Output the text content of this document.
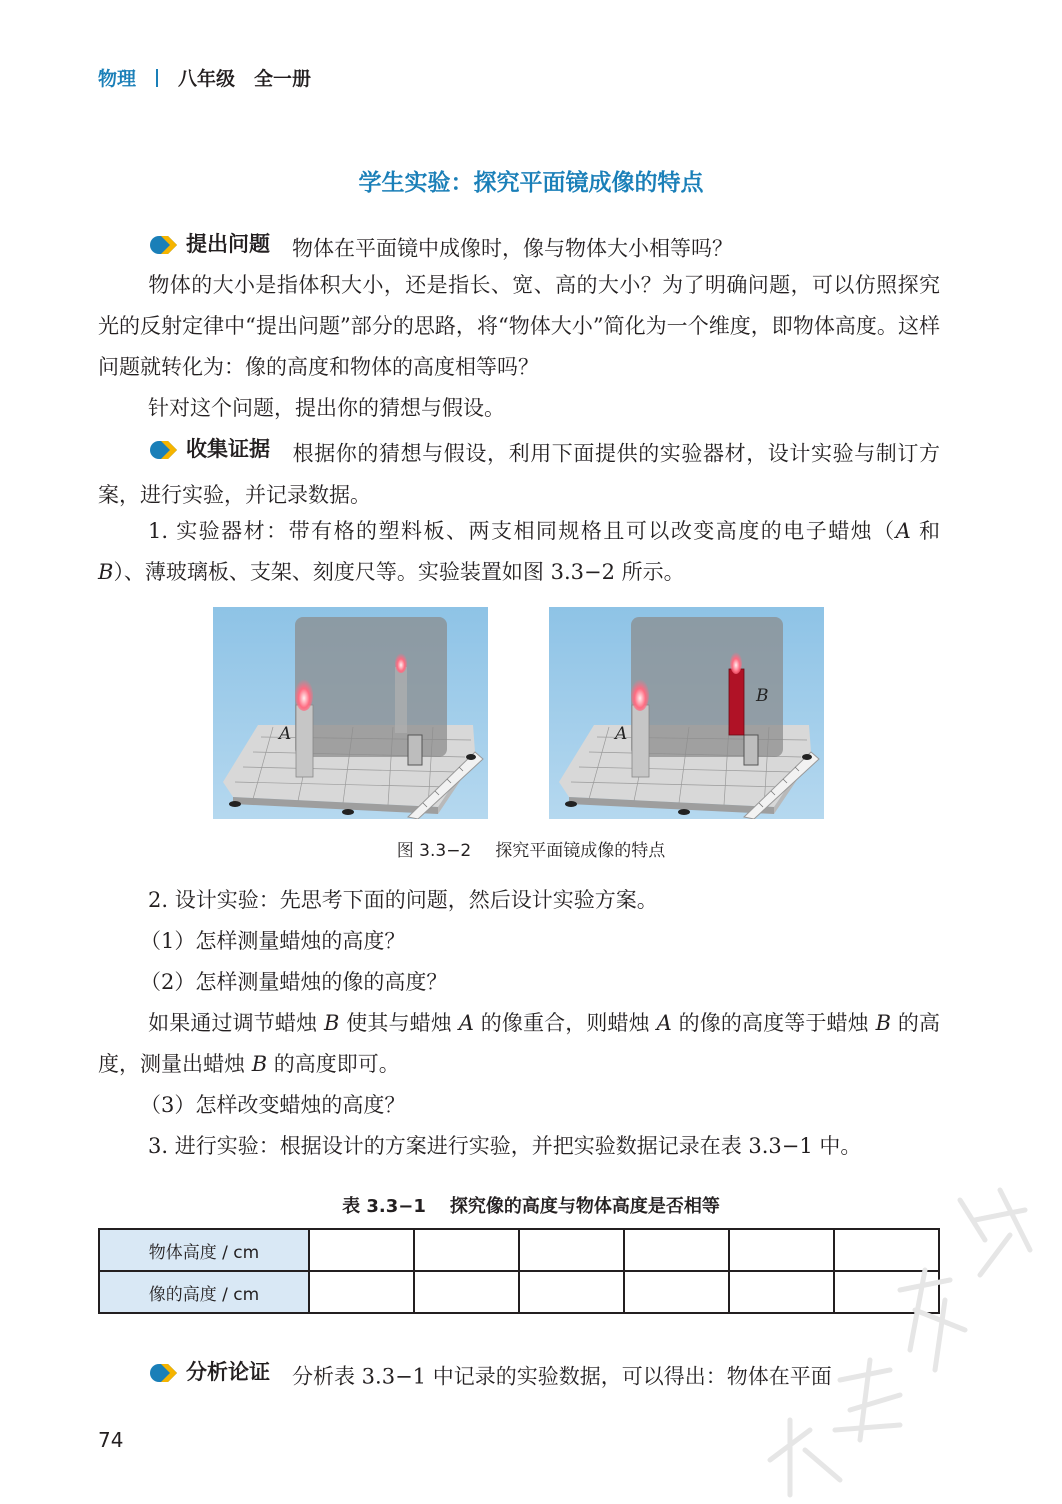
物理 八年级　全一册
学生实验：探究平面镜成像的特点

提出问题 物体在平面镜中成像时，像与物体大小相等吗？

物体的大小是指体积大小，还是指长、宽、高的大小？为了明确问题，可以仿照探究光的反射定律中“提出问题”部分的思路，将“物体大小”简化为一个维度，即物体高度。这样问题就转化为：像的高度和物体的高度相等吗？

针对这个问题，提出你的猜想与假设。

收集证据 根据你的猜想与假设，利用下面提供的实验器材，设计实验与制订方案，进行实验，并记录数据。

1. 实验器材：带有格的塑料板、两支相同规格且可以改变高度的电子蜡烛（A 和 B）、薄玻璃板、支架、刻度尺等。实验装置如图 3.3−2 所示。

A	A
B
图 3.3−2 探究平面镜成像的特点

2. 设计实验：先思考下面的问题，然后设计实验方案。

（1）怎样测量蜡烛的高度？

（2）怎样测量蜡烛的像的高度？

如果通过调节蜡烛 B 使其与蜡烛 A 的像重合，则蜡烛 A 的像的高度等于蜡烛 B 的高度，测量出蜡烛 B 的高度即可。

（3）怎样改变蜡烛的高度？

3. 进行实验：根据设计的方案进行实验，并把实验数据记录在表 3.3−1 中。

表 3.3−1 探究像的高度与物体高度是否相等
物体高度 / cm						
像的高度 / cm						

分析论证 分析表 3.3−1 中记录的实验数据，可以得出：物体在平面

74
